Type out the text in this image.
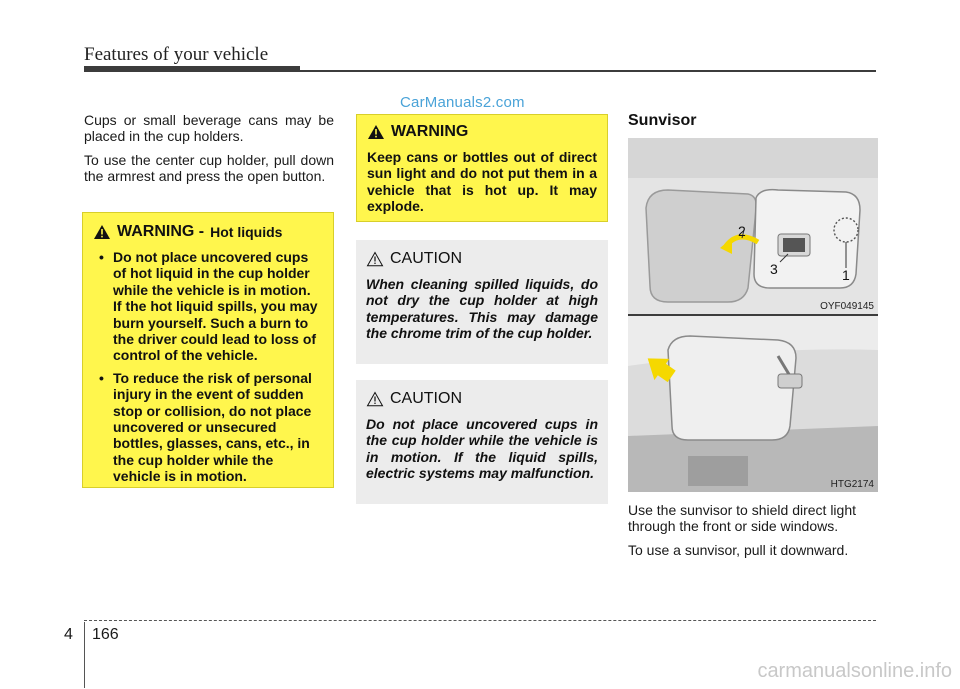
Features of your vehicle
CarManuals2.com

Cups or small beverage cans may be placed in the cup holders.

To use the center cup holder, pull down the armrest and press the open button.

WARNING - Hot liquids
• Do not place uncovered cups of hot liquid in the cup holder while the vehicle is in motion. If the hot liquid spills, you may burn yourself. Such a burn to the driver could lead to loss of control of the vehicle.
• To reduce the risk of personal injury in the event of sudden stop or collision, do not place uncovered or unsecured bottles, glasses, cans, etc., in the cup holder while the vehicle is in motion.
WARNING
Keep cans or bottles out of direct sun light and do not put them in a vehicle that is hot up. It may explode.
CAUTION
When cleaning spilled liquids, do not dry the cup holder at high temperatures. This may damage the chrome trim of the cup holder.
CAUTION
Do not place uncovered cups in the cup holder while the vehicle is in motion. If the liquid spills, electric systems may malfunction.
Sunvisor
1
2
3
OYF049145
HTG2174

Use the sunvisor to shield direct light through the front or side windows.

To use a sunvisor, pull it downward.

4 166
carmanualsonline.info
